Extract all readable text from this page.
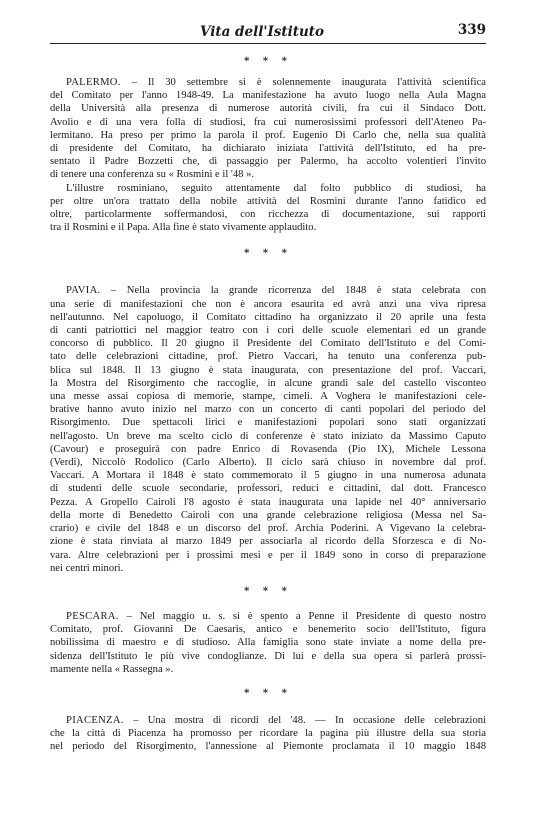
Vita dell'Istituto	339
* * *
PALERMO. – Il 30 settembre si è solennemente inaugurata l'attività scientifica
del Comitato per l'anno 1948-49. La manifestazione ha avuto luogo nella Aula Magna
della Università alla presenza di numerose autorità civili, fra cui il Sindaco Dott.
Avolio e di una vera folla di studiosi, fra cui numerosissimi professori dell'Ateneo Pa-
lermitano. Ha preso per primo la parola il prof. Eugenio Di Carlo che, nella sua qualità
di presidente del Comitato, ha dichiarato iniziata l'attività dell'Istituto, ed ha pre-
sentato il Padre Bozzetti che, di passaggio per Palermo, ha accolto volentieri l'invito
di tenere una conferenza su « Rosmini e il '48 ».
L'illustre rosminiano, seguito attentamente dal folto pubblico di studiosi, ha
per oltre un'ora trattato della nobile attività del Rosmini durante l'anno fatidico ed
oltre, particolarmente soffermandosi, con ricchezza di documentazione, sui rapporti
tra il Rosmini e il Papa. Alla fine è stato vivamente applaudito.
* * *
PAVIA. – Nella provincia la grande ricorrenza del 1848 è stata celebrata con
una serie di manifestazioni che non è ancora esaurita ed avrà anzi una viva ripresa
nell'autunno. Nel capoluogo, il Comitato cittadino ha organizzato il 20 aprile una festa
di canti patriottici nel maggior teatro con i cori delle scuole elementari ed un grande
concorso di pubblico. Il 20 giugno il Presidente del Comitato dell'Istituto e del Comi-
tato delle celebrazioni cittadine, prof. Pietro Vaccari, ha tenuto una conferenza pub-
blica sul 1848. Il 13 giugno è stata inaugurata, con presentazione del prof. Vaccari,
la Mostra del Risorgimento che raccoglie, in alcune grandi sale del castello visconteo
una messe assai copiosa di memorie, stampe, cimeli. A Voghera le manifestazioni cele-
brative hanno avuto inizio nel marzo con un concerto di canti popolari del periodo del
Risorgimento. Due spettacoli lirici e manifestazioni popolari sono stati organizzati
nell'agosto. Un breve ma scelto ciclo di conferenze è stato iniziato da Massimo Caputo
(Cavour) e proseguirà con padre Enrico di Rovasenda (Pio IX), Michele Lessona
(Verdi), Niccolò Rodolico (Carlo Alberto). Il ciclo sarà chiuso in novembre dal prof.
Vaccari. A Mortara il 1848 è stato commemorato il 5 giugno in una numerosa adunata
di studenti delle scuole secondarie, professori, reduci e cittadini, dal dott. Francesco
Pezza. A Gropello Cairoli l'8 agosto è stata inaugurata una lapide nel 40° anniversario
della morte di Benedetto Cairoli con una grande celebrazione religiosa (Messa nel Sa-
crario) e civile del 1848 e un discorso del prof. Archia Poderini. A Vigevano la celebra-
zione è stata rinviata al marzo 1849 per associarla al ricordo della Sforzesca e di No-
vara. Altre celebrazioni per i prossimi mesi e per il 1849 sono in corso di preparazione
nei centri minori.
* * *
PESCARA. – Nel maggio u. s. si è spento a Penne il Presidente di questo nostro
Comitato, prof. Giovanni De Caesaris, antico e benemerito socio dell'Istituto, figura
nobilissima di maestro e di studioso. Alla famiglia sono state inviate a nome della pre-
sidenza dell'Istituto le più vive condoglianze. Di lui e della sua opera si parlerà prossi-
mamente nella « Rassegna ».
* * *
PIACENZA. – Una mostra di ricordi del '48. — In occasione delle celebrazioni
che la città di Piacenza ha promosso per ricordare la pagina più illustre della sua storia
nel periodo del Risorgimento, l'annessione al Piemonte proclamata il 10 maggio 1848
